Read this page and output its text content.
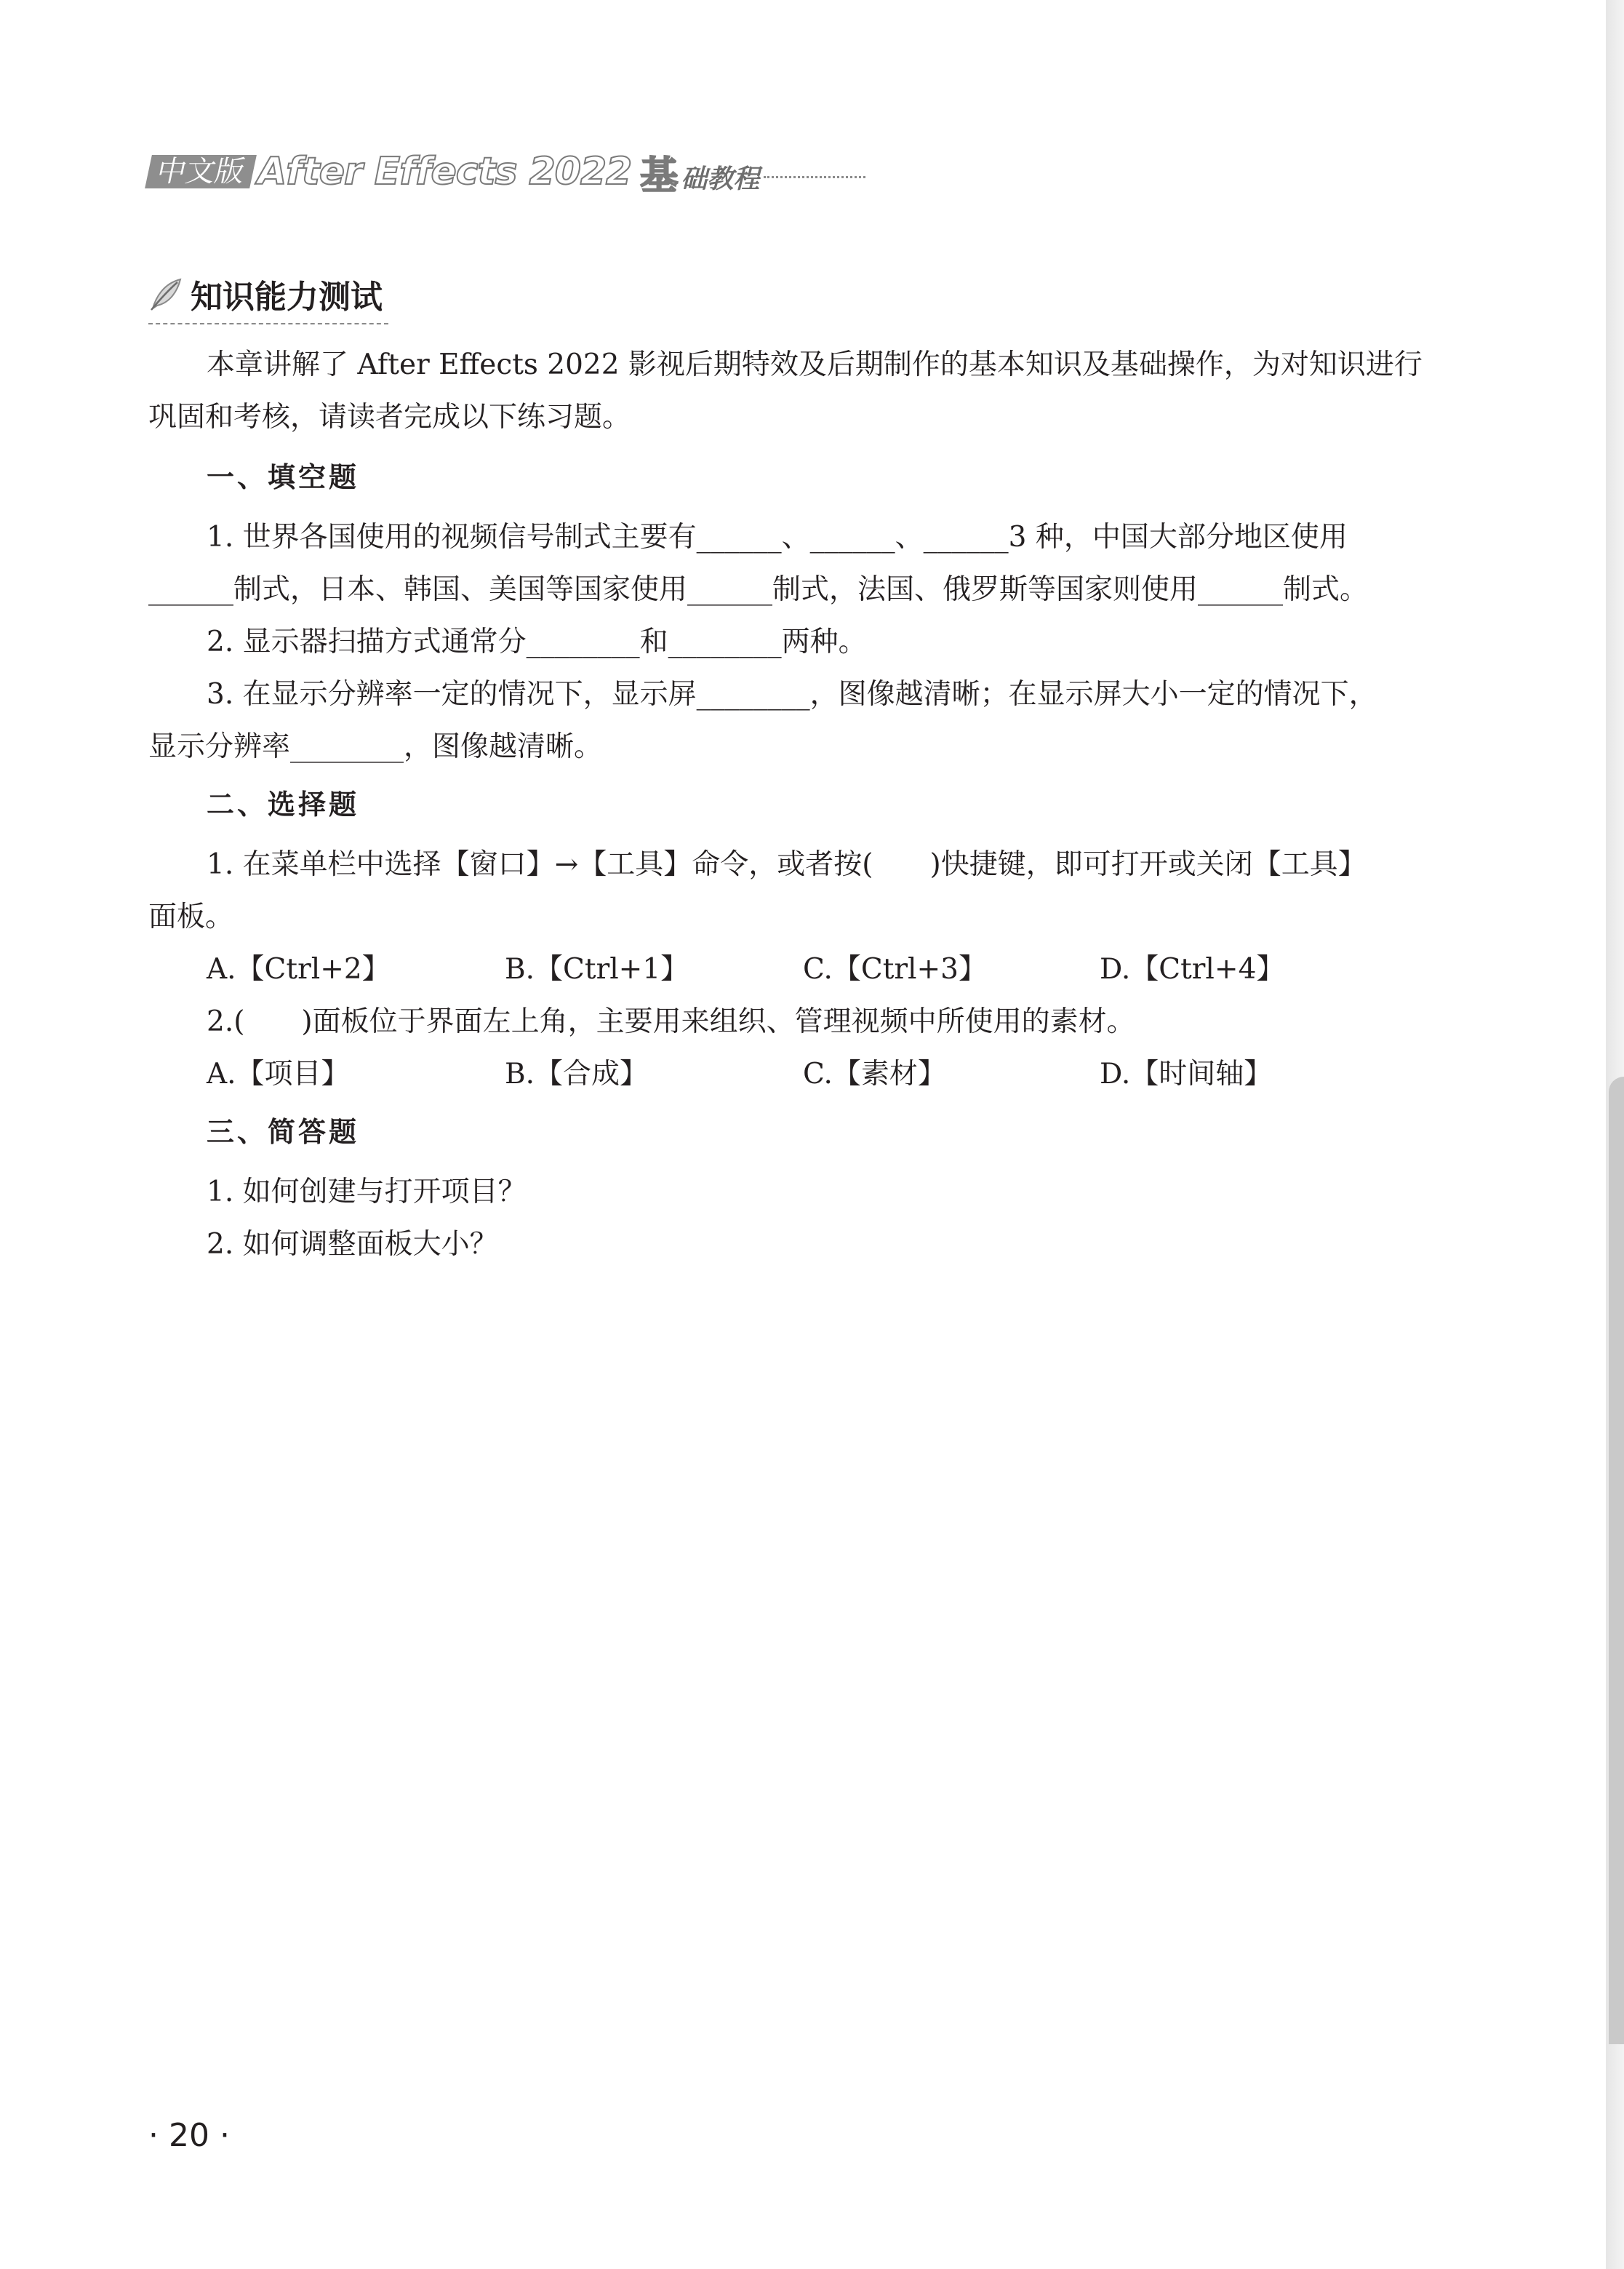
中文版 After Effects 2022 基 础教程
知识能力测试
本章讲解了 After Effects 2022 影视后期特效及后期制作的基本知识及基础操作，为对知识进行
巩固和考核，请读者完成以下练习题。
一、填空题
1. 世界各国使用的视频信号制式主要有______、______、______3 种，中国大部分地区使用
______制式，日本、韩国、美国等国家使用______制式，法国、俄罗斯等国家则使用______制式。
2. 显示器扫描方式通常分________和________两种。
3. 在显示分辨率一定的情况下，显示屏________，图像越清晰；在显示屏大小一定的情况下，
显示分辨率________，图像越清晰。
二、选择题
1. 在菜单栏中选择【窗口】→【工具】命令，或者按(　　)快捷键，即可打开或关闭【工具】
面板。
A.【Ctrl+2】	B.【Ctrl+1】	C.【Ctrl+3】	D.【Ctrl+4】
2.(　　)面板位于界面左上角，主要用来组织、管理视频中所使用的素材。
A.【项目】	B.【合成】	C.【素材】	D.【时间轴】
三、简答题
1. 如何创建与打开项目？
2. 如何调整面板大小？
· 20 ·
